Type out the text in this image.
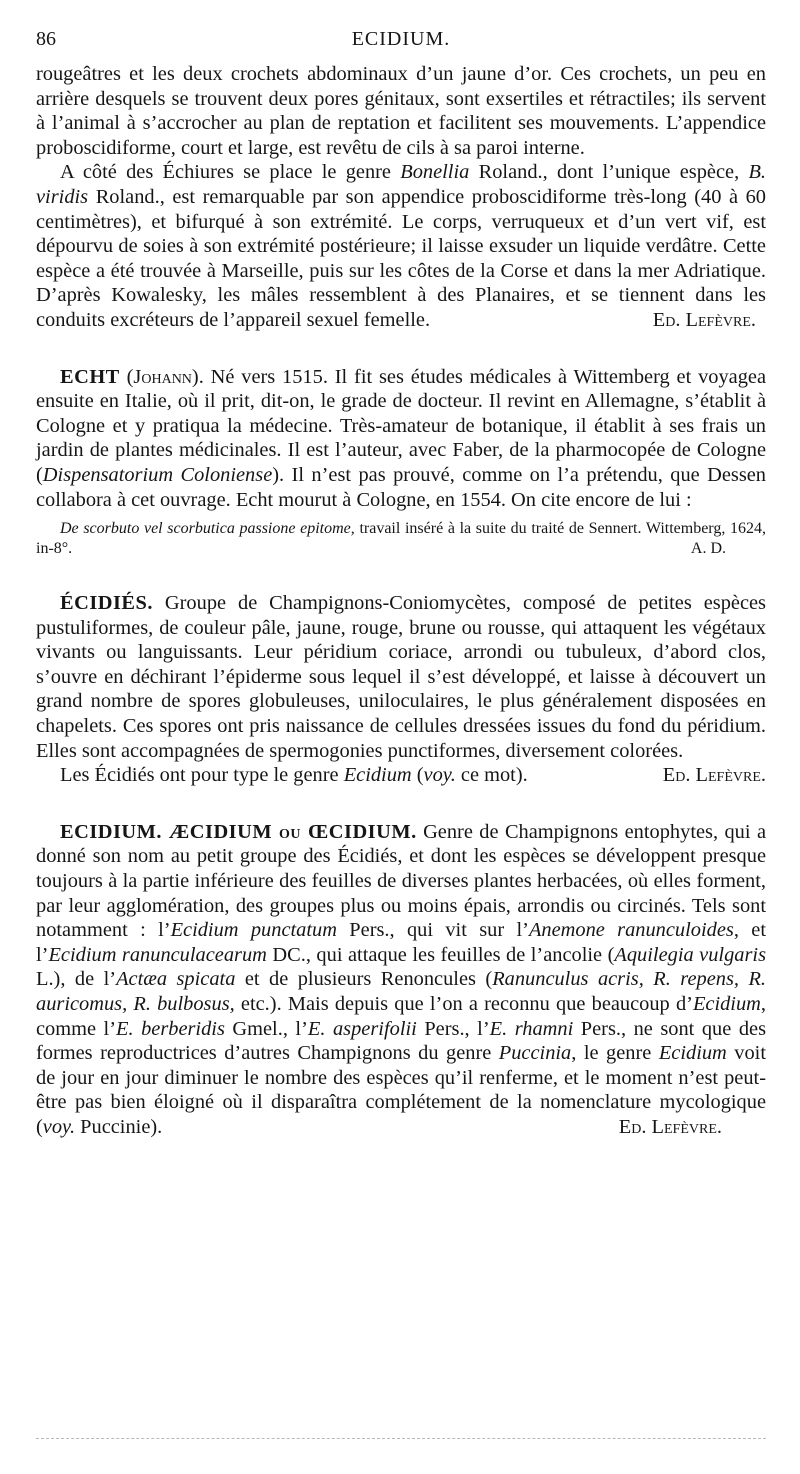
86	ECIDIUM.

rougeâtres et les deux crochets abdominaux d’un jaune d’or. Ces crochets, un peu en arrière desquels se trouvent deux pores génitaux, sont exsertiles et rétractiles; ils servent à l’animal à s’accrocher au plan de reptation et facilitent ses mouvements. L’appendice proboscidiforme, court et large, est revêtu de cils à sa paroi interne.

A côté des Échiures se place le genre Bonellia Roland., dont l’unique espèce, B. viridis Roland., est remarquable par son appendice proboscidiforme très-long (40 à 60 centimètres), et bifurqué à son extrémité. Le corps, verruqueux et d’un vert vif, est dépourvu de soies à son extrémité postérieure; il laisse exsuder un liquide verdâtre. Cette espèce a été trouvée à Marseille, puis sur les côtes de la Corse et dans la mer Adriatique. D’après Kowalesky, les mâles ressemblent à des Planaires, et se tiennent dans les conduits excréteurs de l’appareil sexuel femelle.	Ed. Lefèvre.

ECHT (Johann). Né vers 1515. Il fit ses études médicales à Wittemberg et voyagea ensuite en Italie, où il prit, dit-on, le grade de docteur. Il revint en Allemagne, s’établit à Cologne et y pratiqua la médecine. Très-amateur de botanique, il établit à ses frais un jardin de plantes médicinales. Il est l’auteur, avec Faber, de la pharmocopée de Cologne (Dispensatorium Coloniense). Il n’est pas prouvé, comme on l’a prétendu, que Dessen collabora à cet ouvrage. Echt mourut à Cologne, en 1554. On cite encore de lui :

De scorbuto vel scorbutica passione epitome, travail inséré à la suite du traité de Sennert. Wittemberg, 1624, in-8°.	A. D.

ÉCIDIÉS. Groupe de Champignons-Coniomycètes, composé de petites espèces pustuliformes, de couleur pâle, jaune, rouge, brune ou rousse, qui attaquent les végétaux vivants ou languissants. Leur péridium coriace, arrondi ou tubuleux, d’abord clos, s’ouvre en déchirant l’épiderme sous lequel il s’est développé, et laisse à découvert un grand nombre de spores globuleuses, uniloculaires, le plus généralement disposées en chapelets. Ces spores ont pris naissance de cellules dressées issues du fond du péridium. Elles sont accompagnées de spermogonies punctiformes, diversement colorées.

Les Écidiés ont pour type le genre Ecidium (voy. ce mot).	Ed. Lefèvre.

ECIDIUM. ÆCIDIUM ou ŒCIDIUM. Genre de Champignons entophytes, qui a donné son nom au petit groupe des Écidiés, et dont les espèces se développent presque toujours à la partie inférieure des feuilles de diverses plantes herbacées, où elles forment, par leur agglomération, des groupes plus ou moins épais, arrondis ou circinés. Tels sont notamment : l’Ecidium punctatum Pers., qui vit sur l’Anemone ranunculoides, et l’Ecidium ranunculacearum DC., qui attaque les feuilles de l’ancolie (Aquilegia vulgaris L.), de l’Actæa spicata et de plusieurs Renoncules (Ranunculus acris, R. repens, R. auricomus, R. bulbosus, etc.). Mais depuis que l’on a reconnu que beaucoup d’Ecidium, comme l’E. berberidis Gmel., l’E. asperifolii Pers., l’E. rhamni Pers., ne sont que des formes reproductrices d’autres Champignons du genre Puccinia, le genre Ecidium voit de jour en jour diminuer le nombre des espèces qu’il renferme, et le moment n’est peut-être pas bien éloigné où il disparaîtra complétement de la nomenclature mycologique (voy. Puccinie).	Ed. Lefèvre.
